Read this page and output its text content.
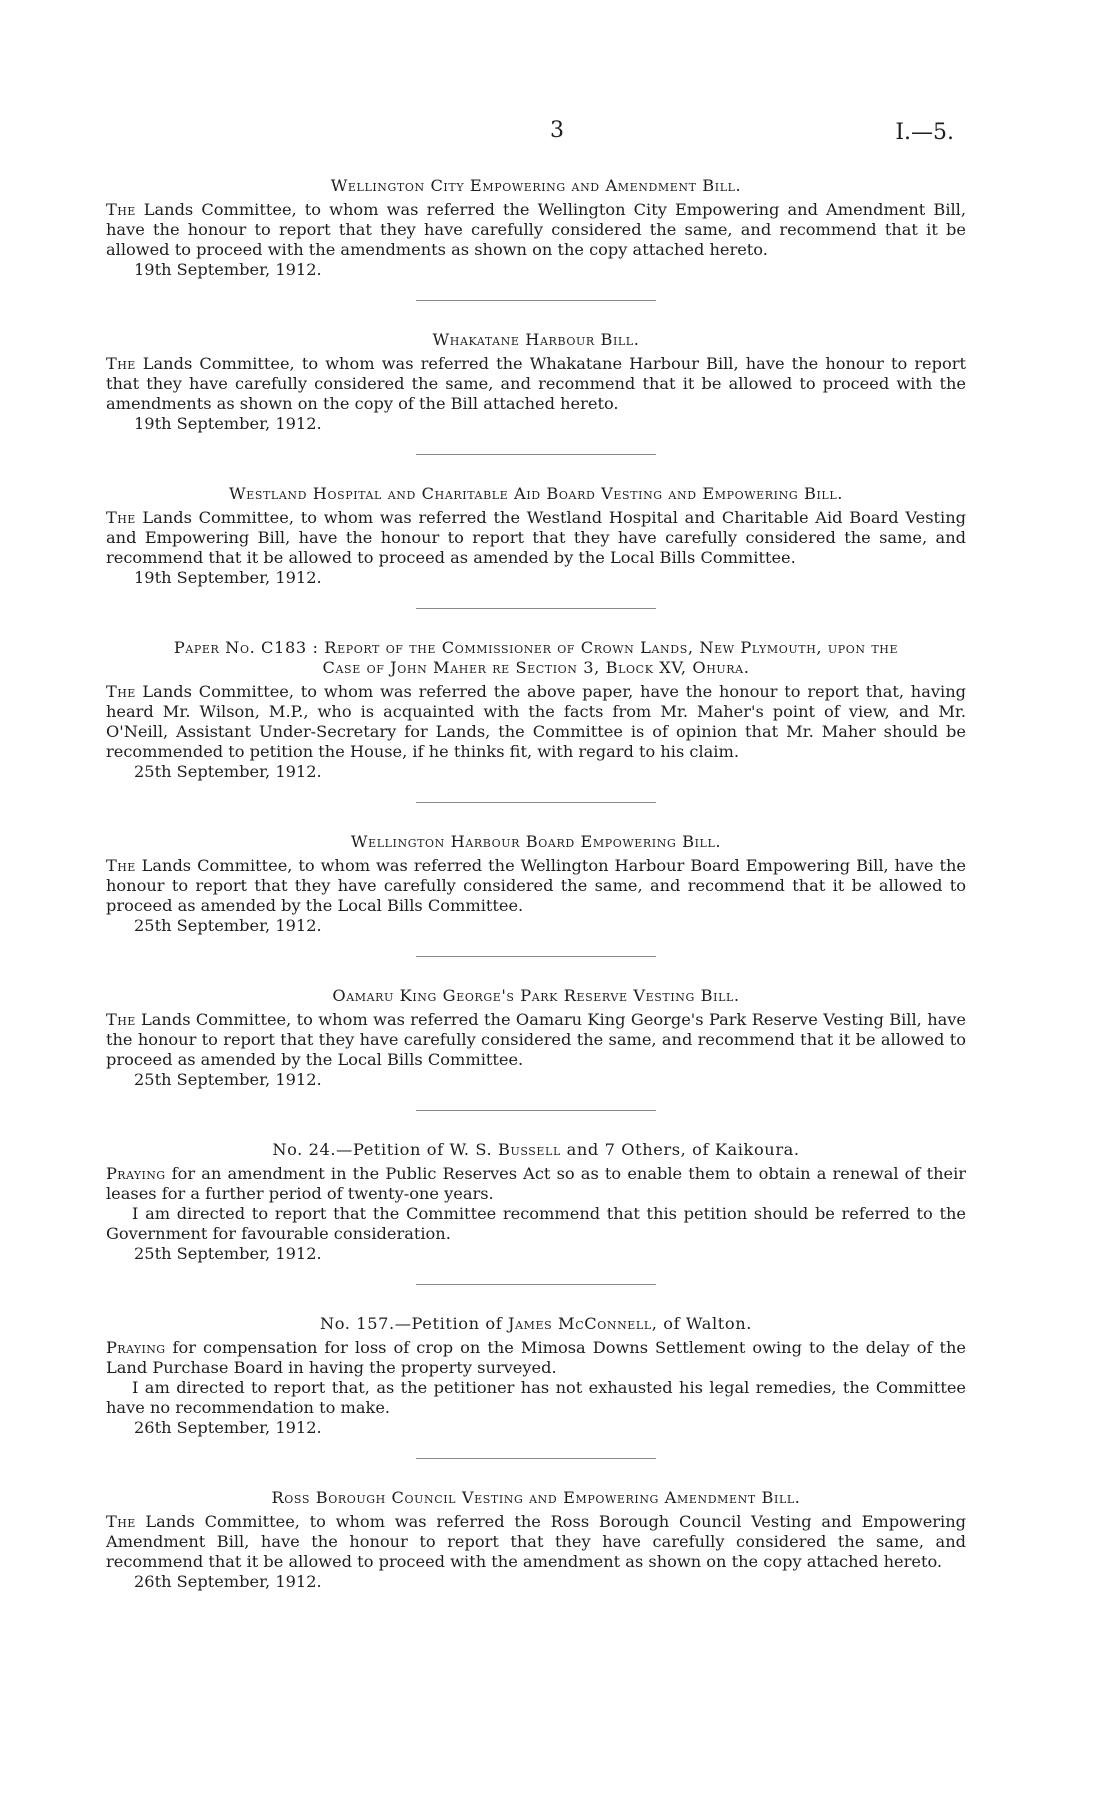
3	I.—5.

Wellington City Empowering and Amendment Bill.

The Lands Committee, to whom was referred the Wellington City Empowering and Amendment Bill, have the honour to report that they have carefully considered the same, and recommend that it be allowed to proceed with the amendments as shown on the copy attached hereto.

19th September, 1912.

Whakatane Harbour Bill.

The Lands Committee, to whom was referred the Whakatane Harbour Bill, have the honour to report that they have carefully considered the same, and recommend that it be allowed to proceed with the amendments as shown on the copy of the Bill attached hereto.

19th September, 1912.

Westland Hospital and Charitable Aid Board Vesting and Empowering Bill.

The Lands Committee, to whom was referred the Westland Hospital and Charitable Aid Board Vesting and Empowering Bill, have the honour to report that they have carefully considered the same, and recommend that it be allowed to proceed as amended by the Local Bills Committee.

19th September, 1912.

Paper No. C183 : Report of the Commissioner of Crown Lands, New Plymouth, upon the

Case of John Maher re Section 3, Block XV, Ohura.

The Lands Committee, to whom was referred the above paper, have the honour to report that, having heard Mr. Wilson, M.P., who is acquainted with the facts from Mr. Maher's point of view, and Mr. O'Neill, Assistant Under-Secretary for Lands, the Committee is of opinion that Mr. Maher should be recommended to petition the House, if he thinks fit, with regard to his claim.

25th September, 1912.

Wellington Harbour Board Empowering Bill.

The Lands Committee, to whom was referred the Wellington Harbour Board Empowering Bill, have the honour to report that they have carefully considered the same, and recommend that it be allowed to proceed as amended by the Local Bills Committee.

25th September, 1912.

Oamaru King George's Park Reserve Vesting Bill.

The Lands Committee, to whom was referred the Oamaru King George's Park Reserve Vesting Bill, have the honour to report that they have carefully considered the same, and recommend that it be allowed to proceed as amended by the Local Bills Committee.

25th September, 1912.

No. 24.—Petition of W. S. Bussell and 7 Others, of Kaikoura.

Praying for an amendment in the Public Reserves Act so as to enable them to obtain a renewal of their leases for a further period of twenty-one years.

I am directed to report that the Committee recommend that this petition should be referred to the Government for favourable consideration.

25th September, 1912.

No. 157.—Petition of James McConnell, of Walton.

Praying for compensation for loss of crop on the Mimosa Downs Settlement owing to the delay of the Land Purchase Board in having the property surveyed.

I am directed to report that, as the petitioner has not exhausted his legal remedies, the Committee have no recommendation to make.

26th September, 1912.

Ross Borough Council Vesting and Empowering Amendment Bill.

The Lands Committee, to whom was referred the Ross Borough Council Vesting and Empowering Amendment Bill, have the honour to report that they have carefully considered the same, and recommend that it be allowed to proceed with the amendment as shown on the copy attached hereto.

26th September, 1912.
